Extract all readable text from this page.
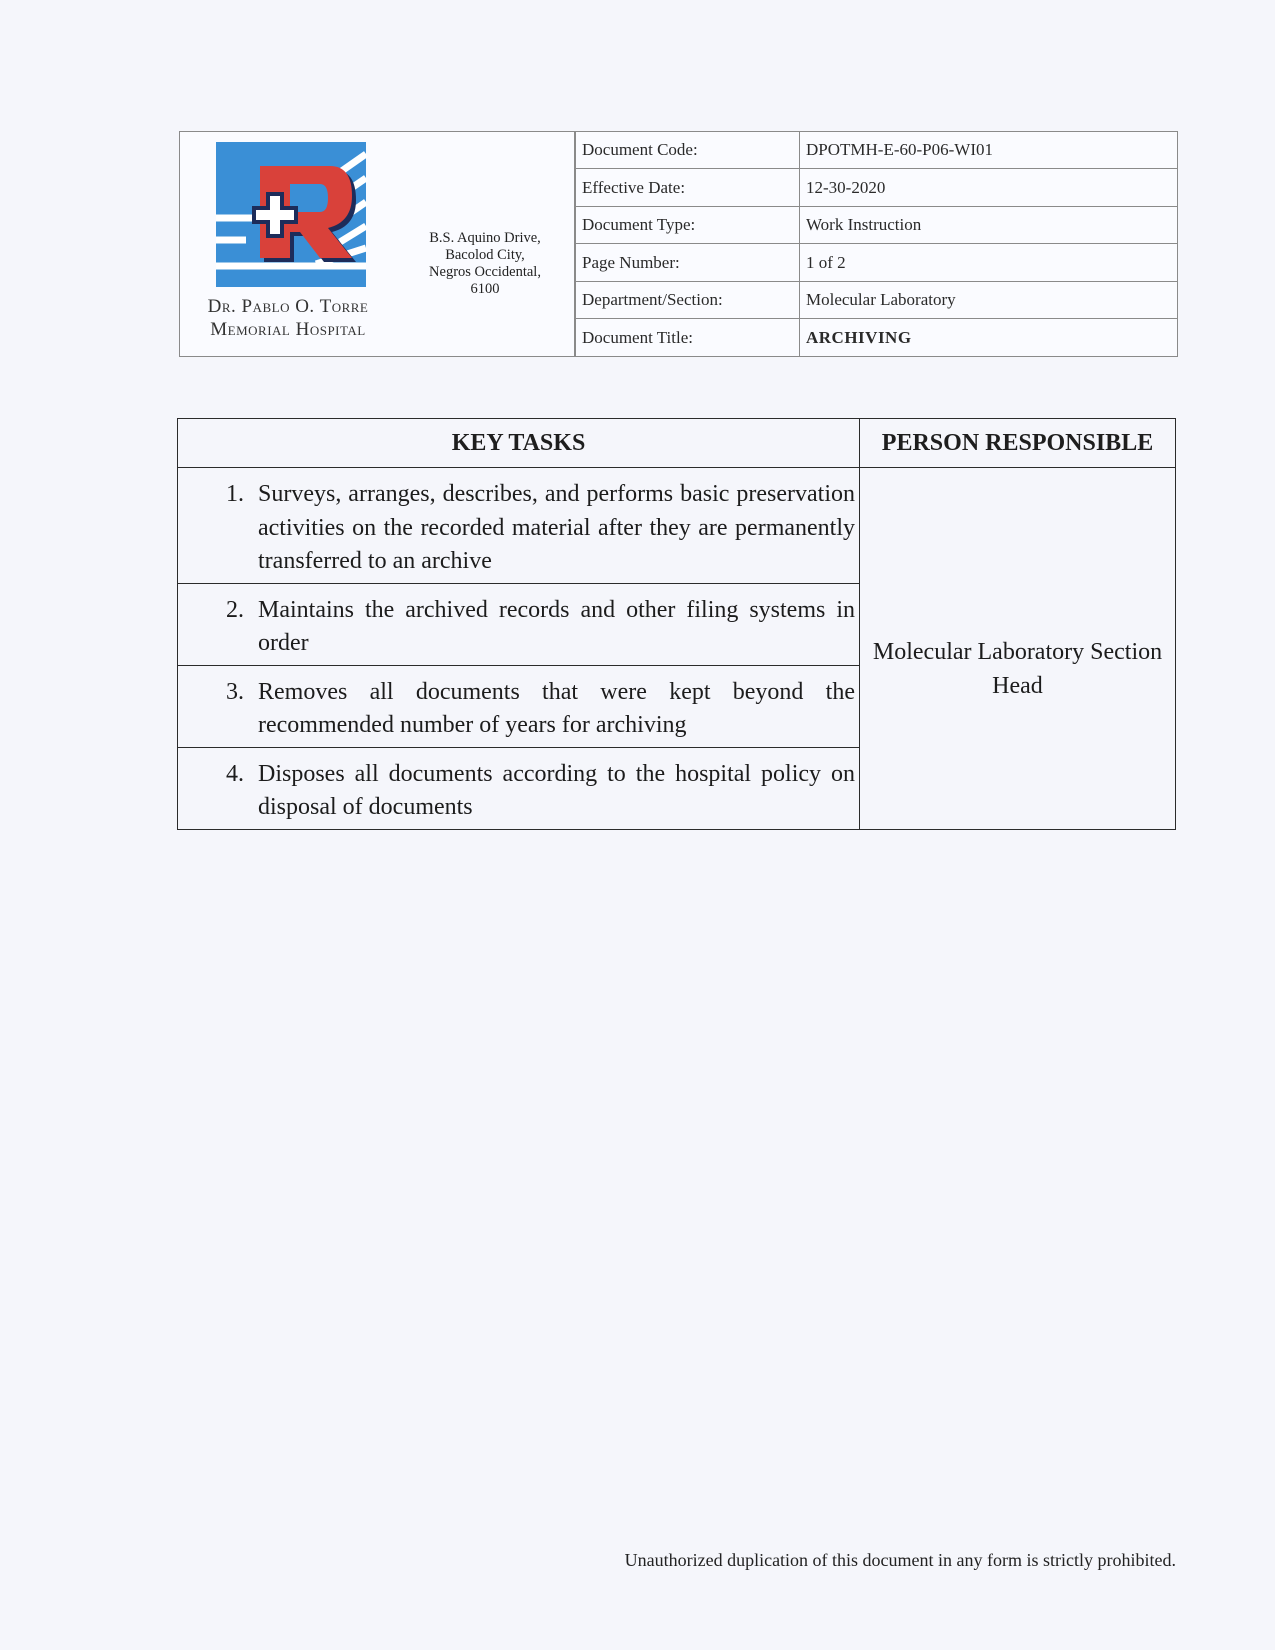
Dr. Pablo O. Torre
Memorial Hospital
B.S. Aquino Drive,
Bacolod City,
Negros Occidental,
6100
Document Code:	DPOTMH-E-60-P06-WI01
Effective Date:	12-30-2020
Document Type:	Work Instruction
Page Number:	1 of 2
Department/Section:	Molecular Laboratory
Document Title:	ARCHIVING
KEY TASKS	PERSON RESPONSIBLE

1. Surveys, arranges, describes, and performs basic preservation activities on the recorded material after they are permanently transferred to an archive	Molecular Laboratory Section Head

2. Maintains the archived records and other filing systems in order	

3. Removes all documents that were kept beyond the recommended number of years for archiving	

4. Disposes all documents according to the hospital policy on disposal of documents	
Unauthorized duplication of this document in any form is strictly prohibited.
